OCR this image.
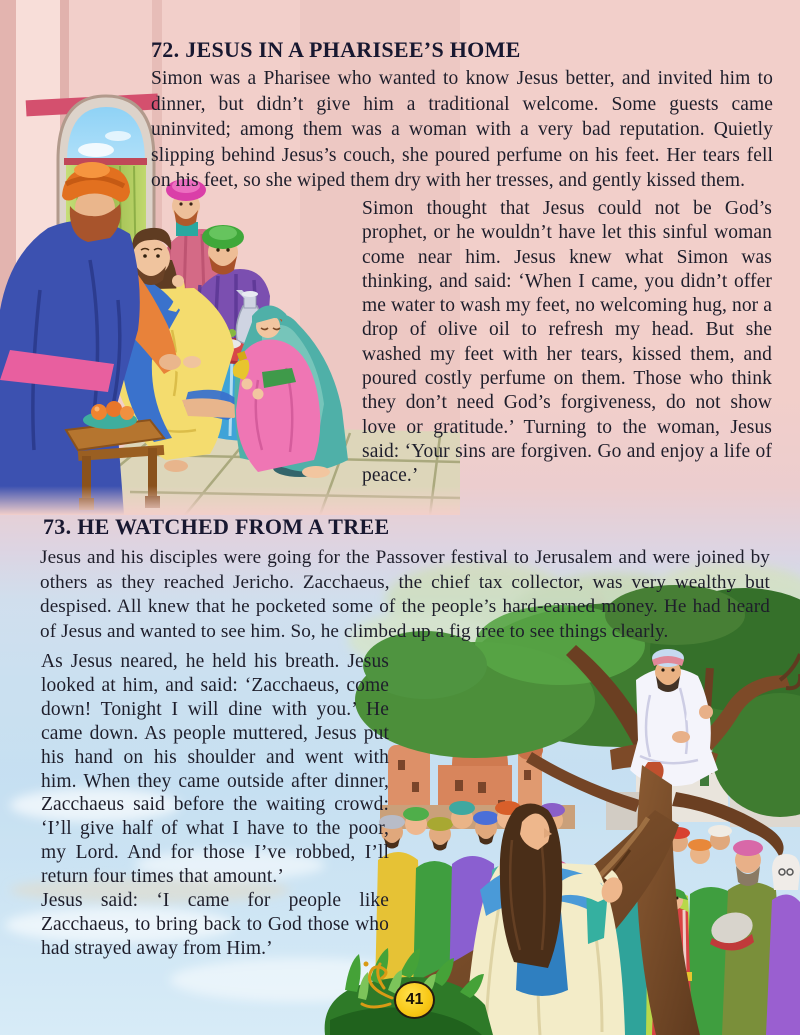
72. JESUS IN A PHARISEE’S HOME
Simon was a Pharisee who wanted to know Jesus better, and invited him to dinner, but didn’t give him a traditional welcome. Some guests came uninvited; among them was a woman with a very bad reputation. Quietly slipping behind Jesus’s couch, she poured perfume on his feet. Her tears fell on his feet, so she wiped them dry with her tresses, and gently kissed them.
Simon thought that Jesus could not be God’s prophet, or he wouldn’t have let this sinful woman come near him. Jesus knew what Simon was thinking, and said: ‘When I came, you didn’t offer me water to wash my feet, no welcoming hug, nor a drop of olive oil to refresh my head. But she washed my feet with her tears, kissed them, and poured costly perfume on them. Those who think they don’t need God’s forgiveness, do not show love or gratitude.’ Turning to the woman, Jesus said: ‘Your sins are forgiven. Go and enjoy a life of peace.’
73. HE WATCHED FROM A TREE
Jesus and his disciples were going for the Passover festival to Jerusalem and were joined by others as they reached Jericho. Zacchaeus, the chief tax collector, was very wealthy but despised. All knew that he pocketed some of the people’s hard-earned money. He had heard of Jesus and wanted to see him. So, he climbed up a fig tree to see things clearly.

As Jesus neared, he held his breath. Jesus looked at him, and said: ‘Zacchaeus, come down! Tonight I will dine with you.’ He came down. As people muttered, Jesus put his hand on his shoulder and went with him. When they came outside after dinner, Zacchaeus said before the waiting crowd: ‘I’ll give half of what I have to the poor, my Lord. And for those I’ve robbed, I’ll return four times that amount.’

Jesus said: ‘I came for people like Zacchaeus, to bring back to God those who had strayed away from Him.’

41
